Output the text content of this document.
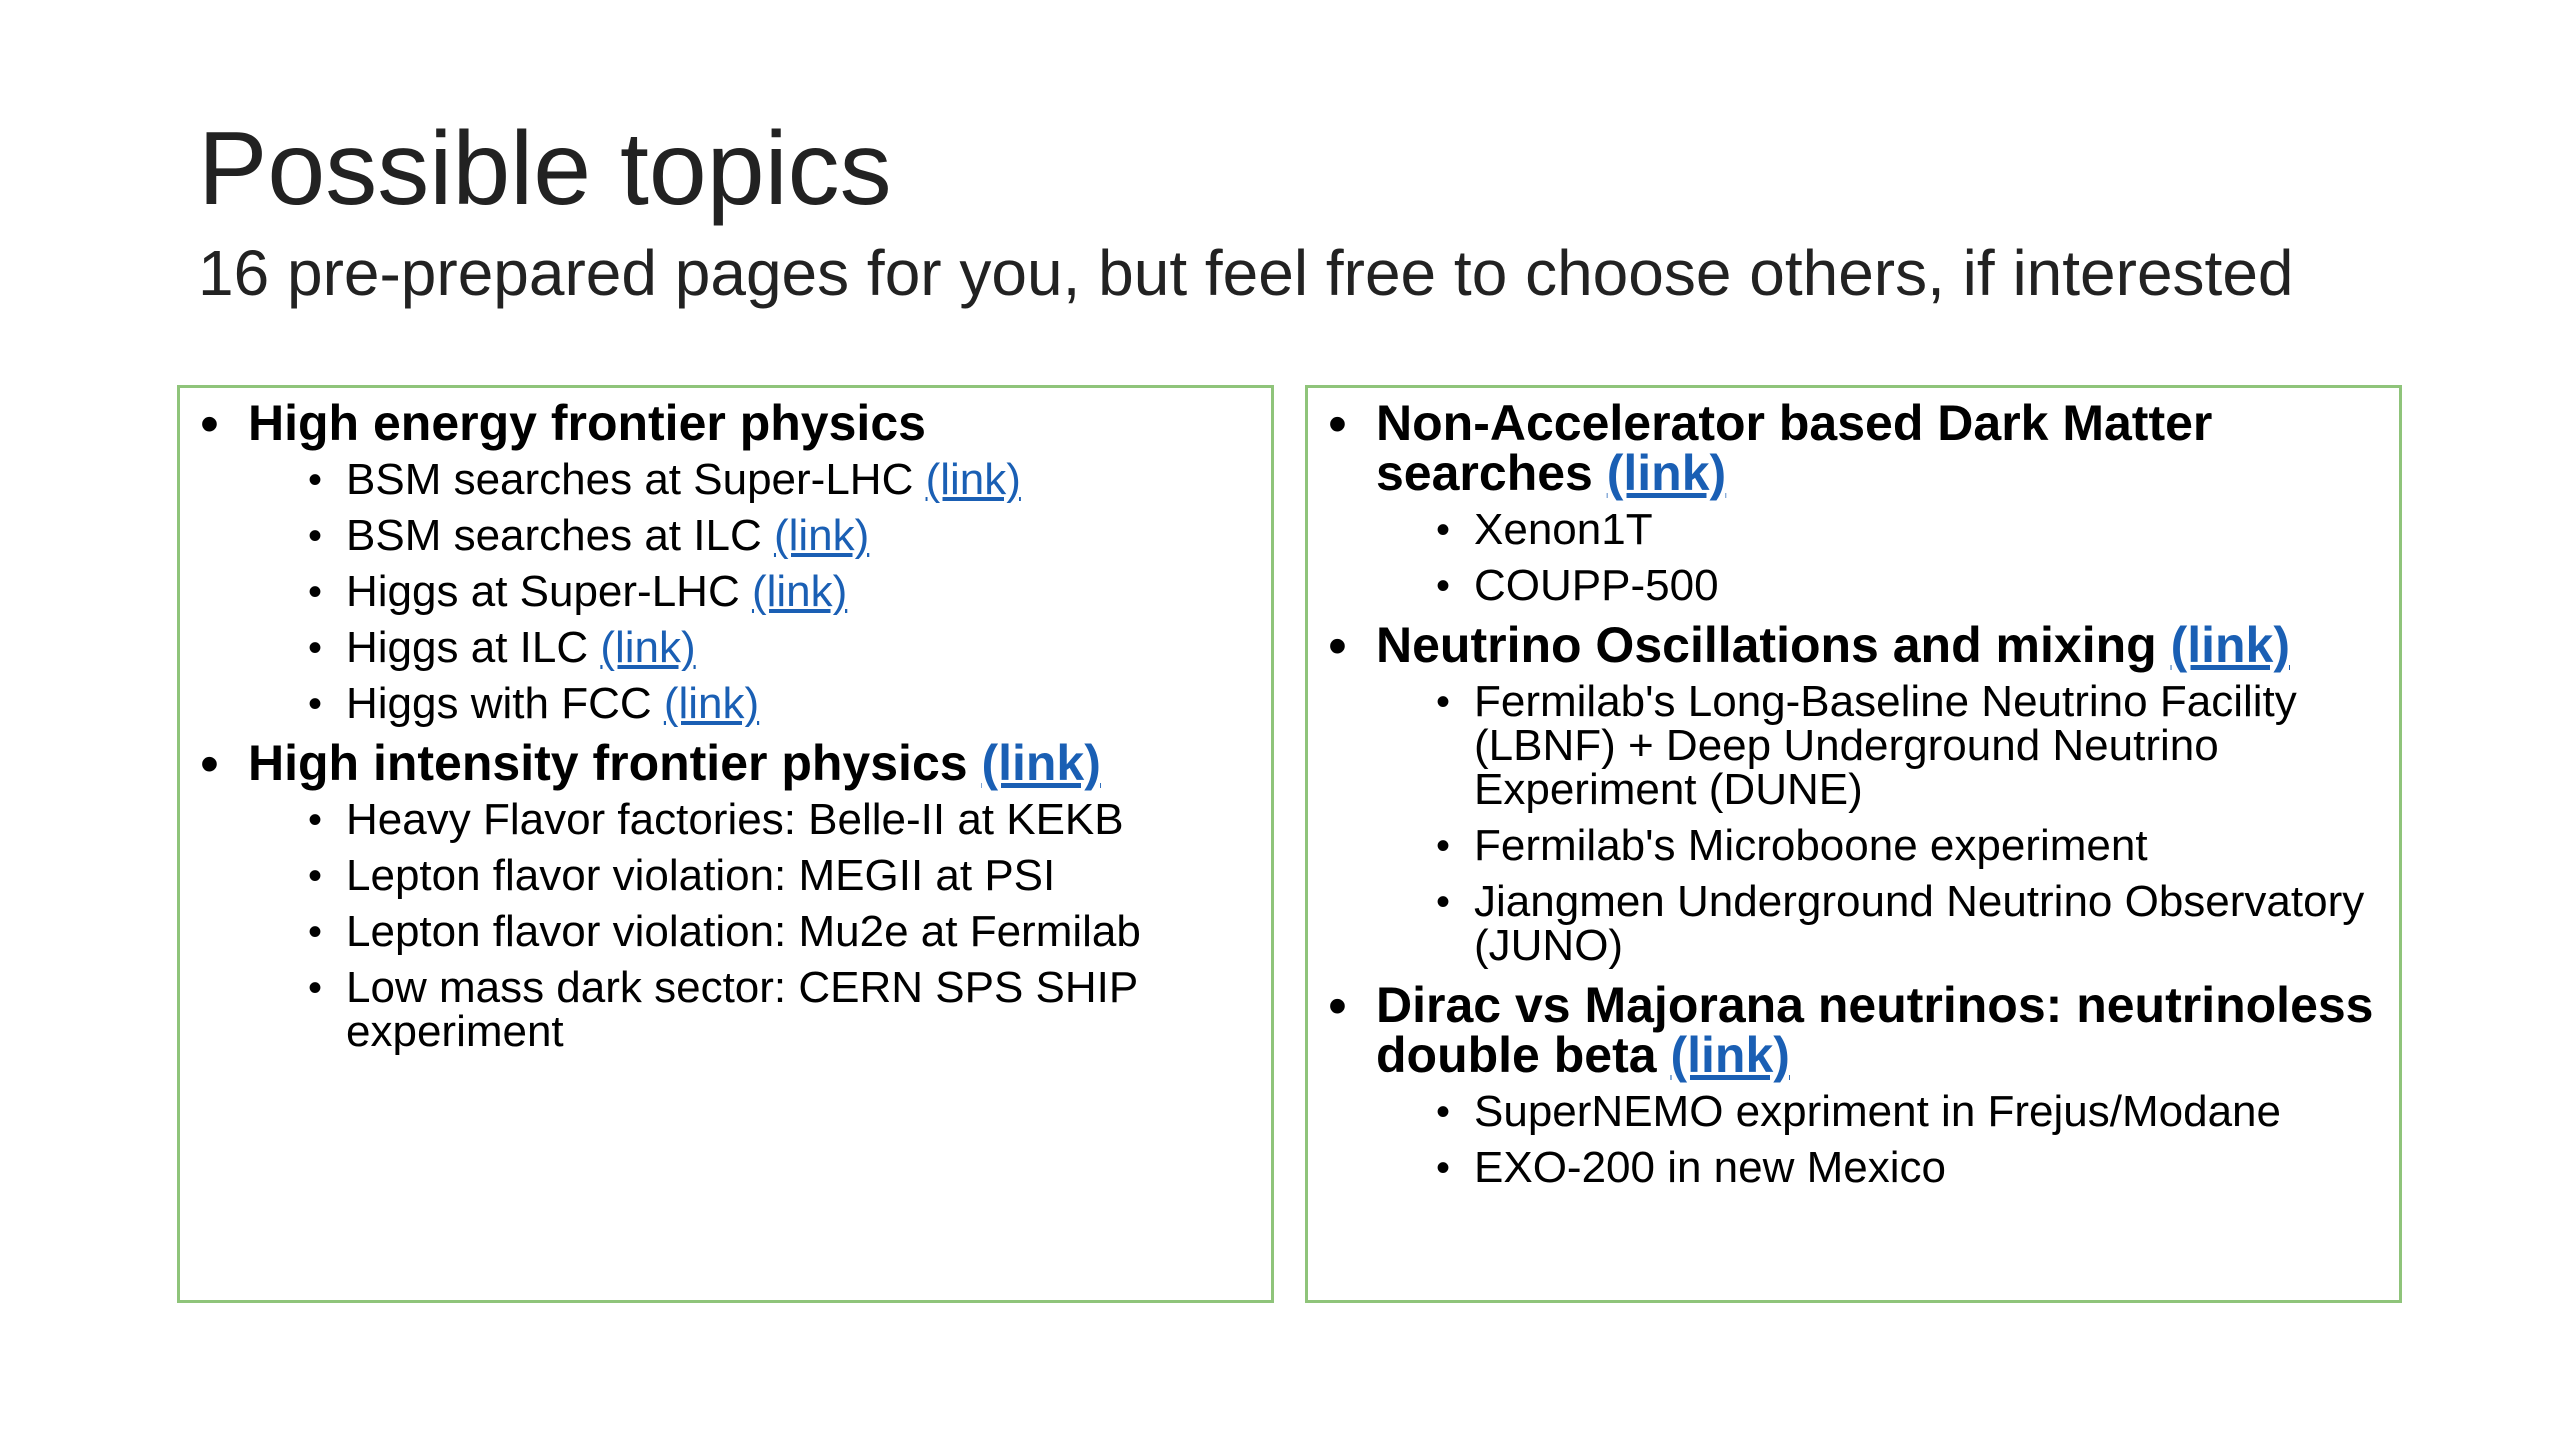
Possible topics
16 pre-prepared pages for you, but feel free to choose others, if interested
• High energy frontier physics
• BSM searches at Super-LHC (link)
• BSM searches at ILC (link)
• Higgs at Super-LHC (link)
• Higgs at ILC (link)
• Higgs with FCC (link)
• High intensity frontier physics (link)
• Heavy Flavor factories: Belle-II at KEKB
• Lepton flavor violation: MEGII at PSI
• Lepton flavor violation: Mu2e at Fermilab
• Low mass dark sector: CERN SPS SHIP experiment
• Non-Accelerator based Dark Matter searches (link)
• Xenon1T
• COUPP-500
• Neutrino Oscillations and mixing (link)
• Fermilab's Long-Baseline Neutrino Facility (LBNF) + Deep Underground Neutrino Experiment (DUNE)
• Fermilab's Microboone experiment
• Jiangmen Underground Neutrino Observatory (JUNO)
• Dirac vs Majorana neutrinos: neutrinoless double beta (link)
• SuperNEMO expriment in Frejus/Modane
• EXO-200 in new Mexico
